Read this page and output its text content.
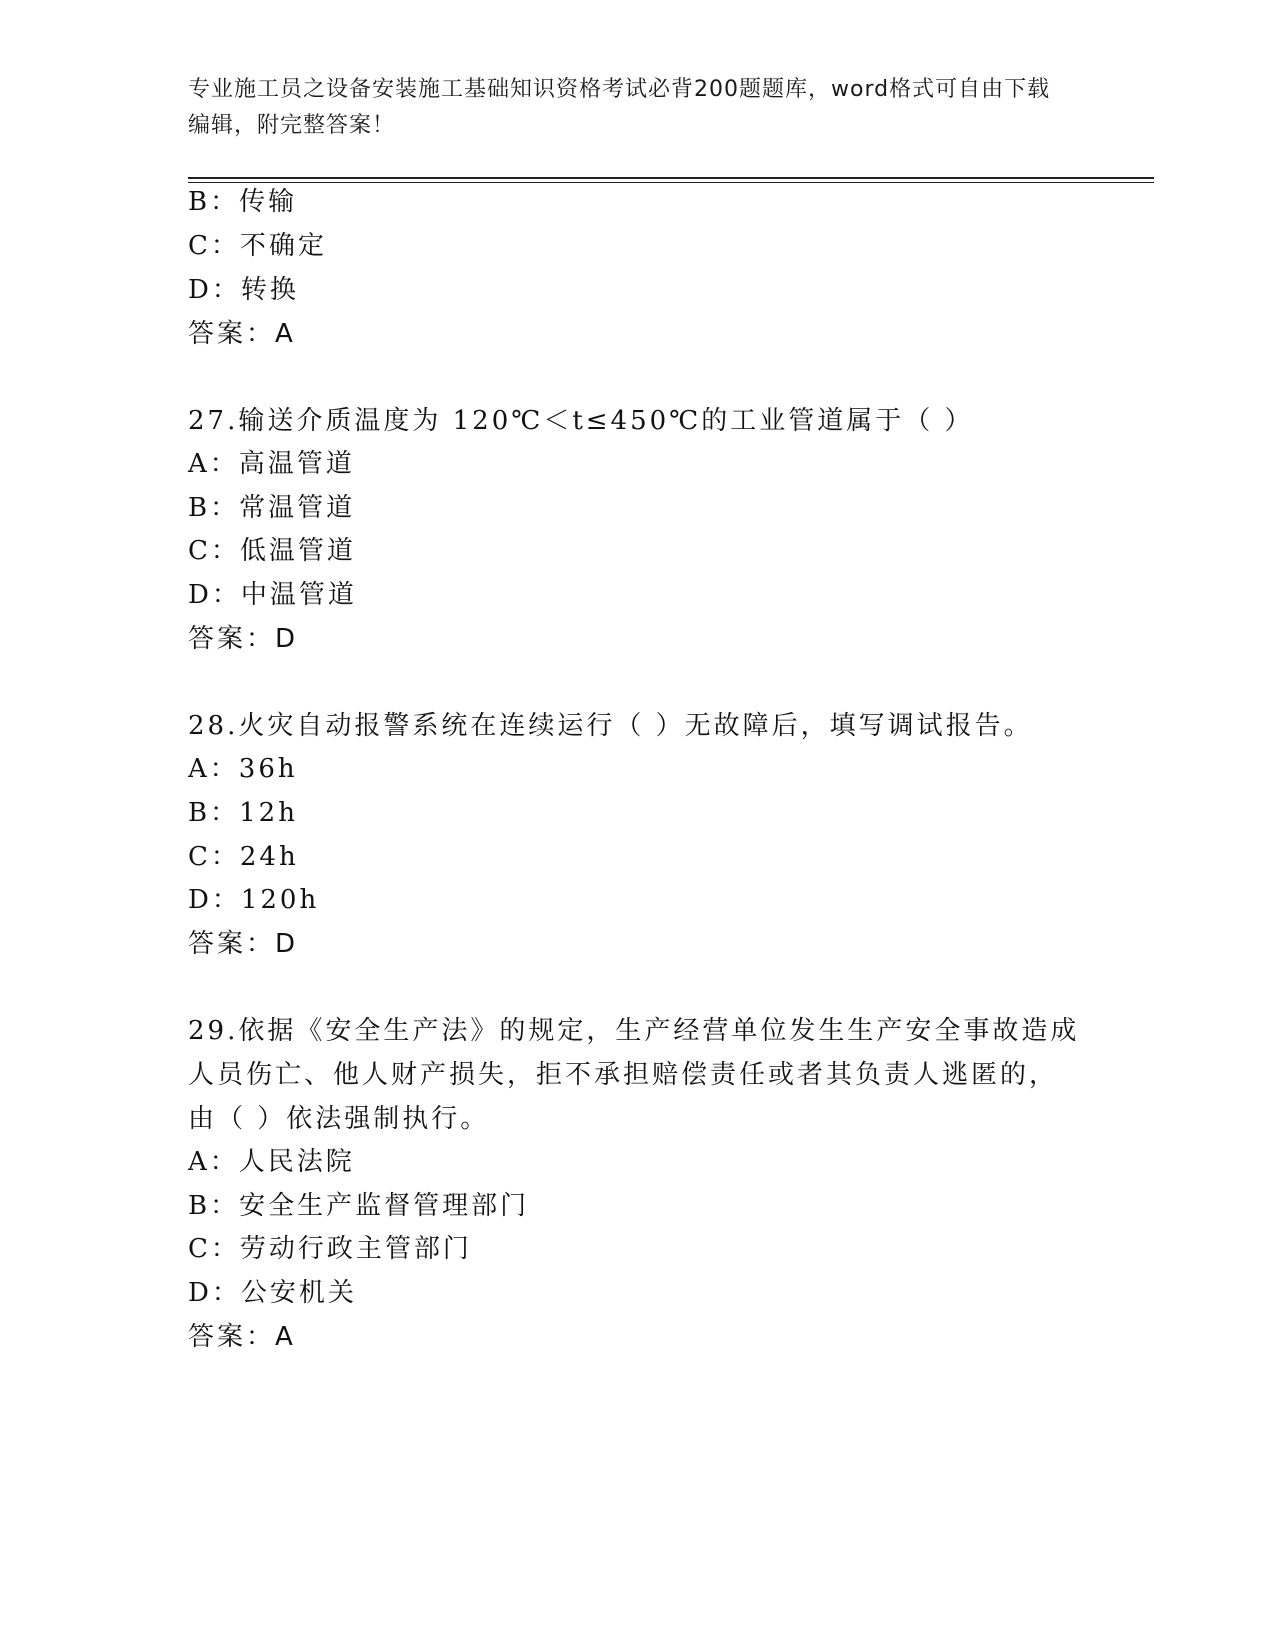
专业施工员之设备安装施工基础知识资格考试必背200题题库，word格式可自由下载编辑，附完整答案！
B：传输
C：不确定
D：转换
答案：A
27.输送介质温度为 120℃＜t≤450℃的工业管道属于（ ）
A：高温管道
B：常温管道
C：低温管道
D：中温管道
答案：D
28.火灾自动报警系统在连续运行（ ）无故障后，填写调试报告。
A：36h
B：12h
C：24h
D：120h
答案：D
29.依据《安全生产法》的规定，生产经营单位发生生产安全事故造成
人员伤亡、他人财产损失，拒不承担赔偿责任或者其负责人逃匿的，
由（ ）依法强制执行。
A：人民法院
B：安全生产监督管理部门
C：劳动行政主管部门
D：公安机关
答案：A
